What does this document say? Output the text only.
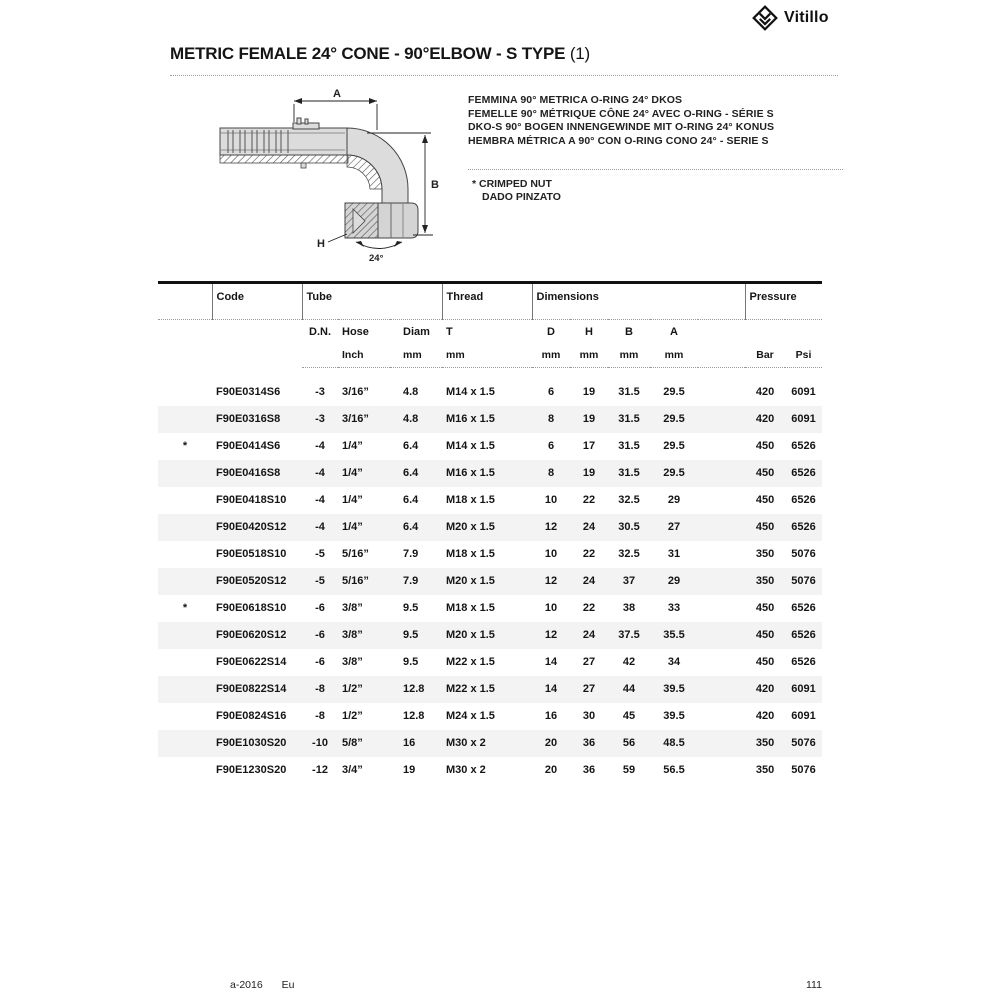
Vitillo
METRIC FEMALE 24° CONE - 90°ELBOW - S TYPE (1)
A
B
H
24°
FEMMINA 90° METRICA O-RING 24° DKOS
FEMELLE 90° MÉTRIQUE CÔNE 24° AVEC O-RING - SÉRIE S
DKO-S 90° BOGEN INNENGEWINDE MIT O-RING 24° KONUS
HEMBRA MÉTRICA A 90° CON O-RING CONO 24° - SERIE S
* CRIMPED NUT
DADO PINZATO
	Code	Tube			Thread	Dimensions					Pressure	
		D.N.	Hose	Diam	T	D	H	B	A			
			Inch	mm	mm	mm	mm	mm	mm		Bar	Psi

	F90E0314S6	-3	3/16”	4.8	M14 x 1.5	6	19	31.5	29.5		420	6091
	F90E0316S8	-3	3/16”	4.8	M16 x 1.5	8	19	31.5	29.5		420	6091
*	F90E0414S6	-4	1/4”	6.4	M14 x 1.5	6	17	31.5	29.5		450	6526
	F90E0416S8	-4	1/4”	6.4	M16 x 1.5	8	19	31.5	29.5		450	6526
	F90E0418S10	-4	1/4”	6.4	M18 x 1.5	10	22	32.5	29		450	6526
	F90E0420S12	-4	1/4”	6.4	M20 x 1.5	12	24	30.5	27		450	6526
	F90E0518S10	-5	5/16”	7.9	M18 x 1.5	10	22	32.5	31		350	5076
	F90E0520S12	-5	5/16”	7.9	M20 x 1.5	12	24	37	29		350	5076
*	F90E0618S10	-6	3/8”	9.5	M18 x 1.5	10	22	38	33		450	6526
	F90E0620S12	-6	3/8”	9.5	M20 x 1.5	12	24	37.5	35.5		450	6526
	F90E0622S14	-6	3/8”	9.5	M22 x 1.5	14	27	42	34		450	6526
	F90E0822S14	-8	1/2”	12.8	M22 x 1.5	14	27	44	39.5		420	6091
	F90E0824S16	-8	1/2”	12.8	M24 x 1.5	16	30	45	39.5		420	6091
	F90E1030S20	-10	5/8”	16	M30 x 2	20	36	56	48.5		350	5076
	F90E1230S20	-12	3/4”	19	M30 x 2	20	36	59	56.5		350	5076
a-2016 Eu	111
